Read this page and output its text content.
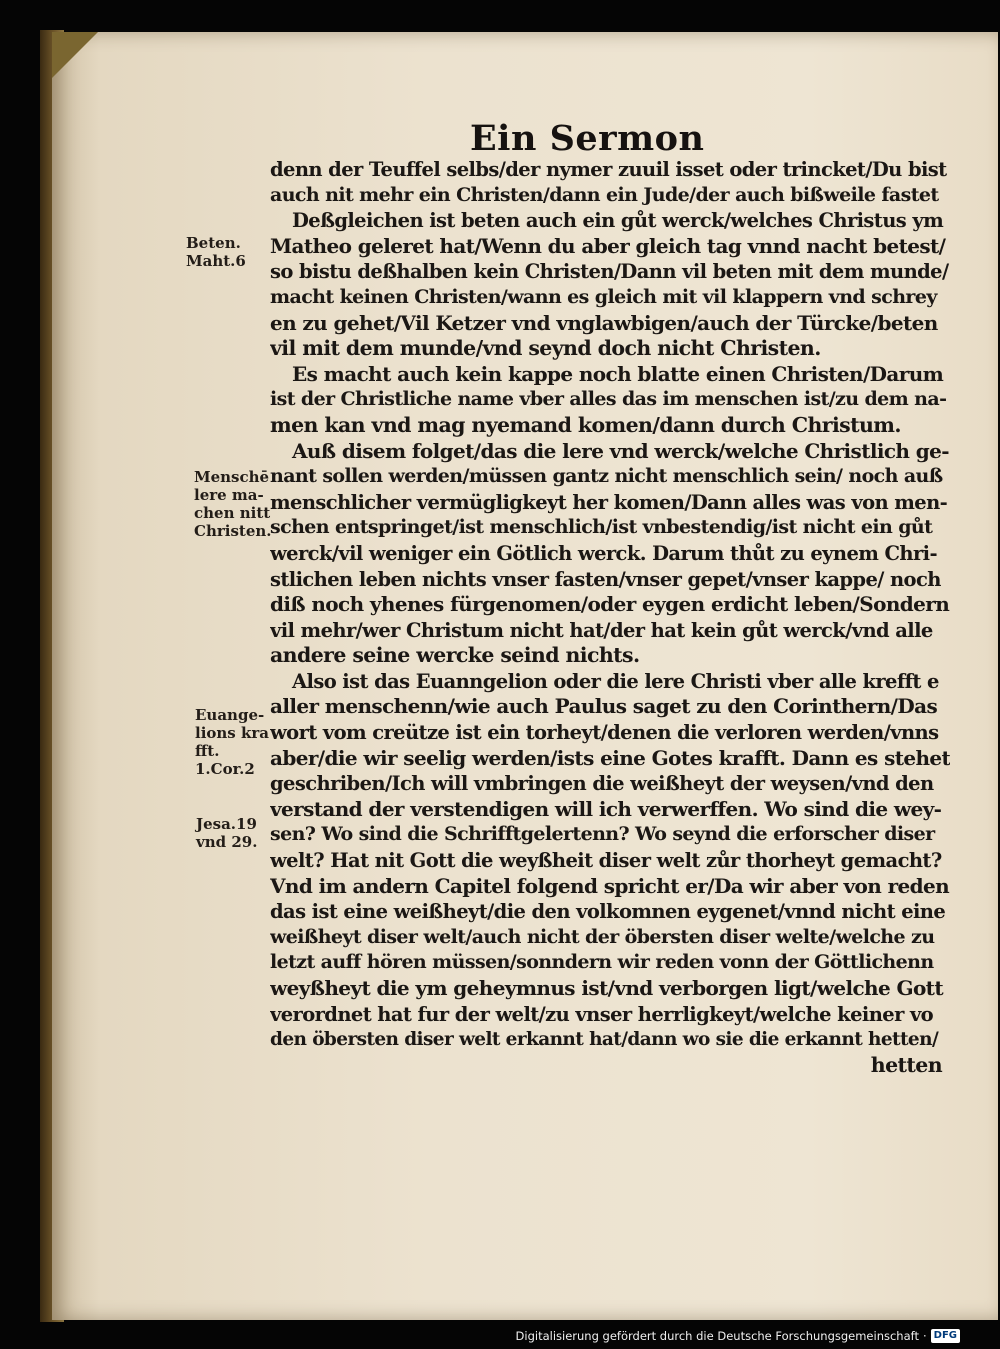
Ein Sermon
Beten.
Maht.6
Menschē
lere ma-
chen nitt
Christen.
Euange-
lions kra
fft.
1.Cor.2
Jesa.19
vnd 29.
denn der Teuffel selbs/der nymer zuuil isset oder trincket/Du bist
auch nit mehr ein Christen/dann ein Jude/der auch bißweile fastet
Deßgleichen ist beten auch ein gůt werck/welches Christus ym
Matheo geleret hat/Wenn du aber gleich tag vnnd nacht betest/
so bistu deßhalben kein Christen/Dann vil beten mit dem munde/
macht keinen Christen/wann es gleich mit vil klappern vnd schrey
en zu gehet/Vil Ketzer vnd vnglawbigen/auch der Türcke/beten
vil mit dem munde/vnd seynd doch nicht Christen.
Es macht auch kein kappe noch blatte einen Christen/Darum
ist der Christliche name vber alles das im menschen ist/zu dem na-
men kan vnd mag nyemand komen/dann durch Christum.
Auß disem folget/das die lere vnd werck/welche Christlich ge-
nant sollen werden/müssen gantz nicht menschlich sein/ noch auß
menschlicher vermügligkeyt her komen/Dann alles was von men-
schen entspringet/ist menschlich/ist vnbestendig/ist nicht ein gůt
werck/vil weniger ein Götlich werck. Darum thůt zu eynem Chri-
stlichen leben nichts vnser fasten/vnser gepet/vnser kappe/ noch
diß noch yhenes fürgenomen/oder eygen erdicht leben/Sondern
vil mehr/wer Christum nicht hat/der hat kein gůt werck/vnd alle
andere seine wercke seind nichts.
Also ist das Euanngelion oder die lere Christi vber alle krefft e
aller menschenn/wie auch Paulus saget zu den Corinthern/Das
wort vom creütze ist ein torheyt/denen die verloren werden/vnns
aber/die wir seelig werden/ists eine Gotes krafft. Dann es stehet
geschriben/Ich will vmbringen die weißheyt der weysen/vnd den
verstand der verstendigen will ich verwerffen. Wo sind die wey-
sen? Wo sind die Schrifftgelertenn? Wo seynd die erforscher diser
welt? Hat nit Gott die weyßheit diser welt zůr thorheyt gemacht?
Vnd im andern Capitel folgend spricht er/Da wir aber von reden
das ist eine weißheyt/die den volkomnen eygenet/vnnd nicht eine
weißheyt diser welt/auch nicht der öbersten diser welte/welche zu
letzt auff hören müssen/sonndern wir reden vonn der Göttlichenn
weyßheyt die ym geheymnus ist/vnd verborgen ligt/welche Gott
verordnet hat fur der welt/zu vnser herrligkeyt/welche keiner vo
den öbersten diser welt erkannt hat/dann wo sie die erkannt hetten/
hetten
Digitalisierung gefördert durch die Deutsche Forschungsgemeinschaft · DFG
